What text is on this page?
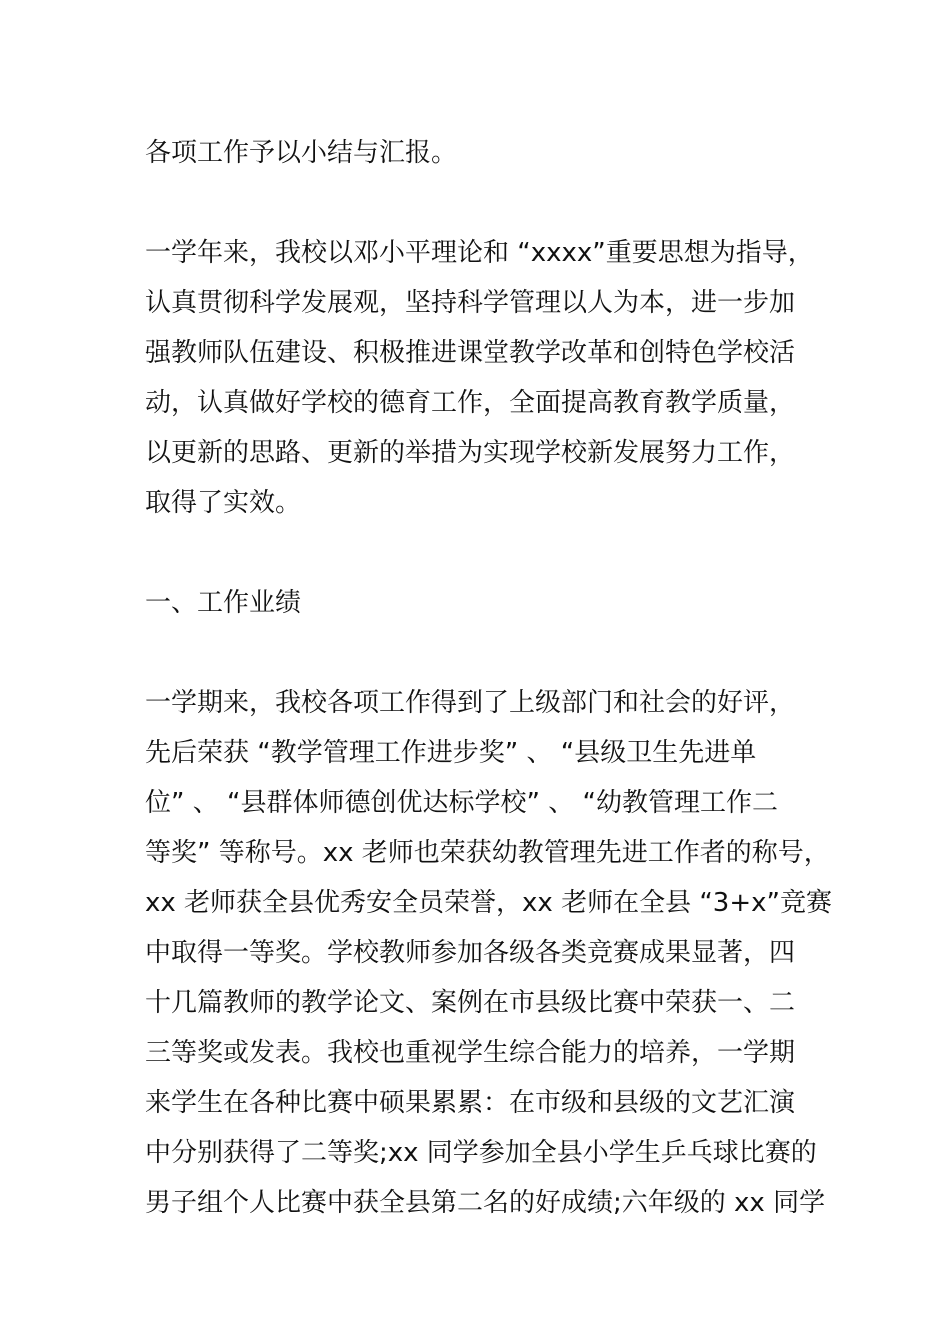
各项工作予以小结与汇报。
一学年来，我校以邓小平理论和 “xxxx”重要思想为指导，
认真贯彻科学发展观，坚持科学管理以人为本，进一步加
强教师队伍建设、积极推进课堂教学改革和创特色学校活
动，认真做好学校的德育工作，全面提高教育教学质量，
以更新的思路、更新的举措为实现学校新发展努力工作，
取得了实效。
一、工作业绩
一学期来，我校各项工作得到了上级部门和社会的好评，
先后荣获 “教学管理工作进步奖” 、 “县级卫生先进单
位” 、 “县群体师德创优达标学校” 、 “幼教管理工作二
等奖” 等称号。xx 老师也荣获幼教管理先进工作者的称号，
xx 老师获全县优秀安全员荣誉，xx 老师在全县 “3+x”竞赛
中取得一等奖。学校教师参加各级各类竞赛成果显著，四
十几篇教师的教学论文、案例在市县级比赛中荣获一、二
三等奖或发表。我校也重视学生综合能力的培养，一学期
来学生在各种比赛中硕果累累：在市级和县级的文艺汇演
中分别获得了二等奖;xx 同学参加全县小学生乒乓球比赛的
男子组个人比赛中获全县第二名的好成绩;六年级的 xx 同学
